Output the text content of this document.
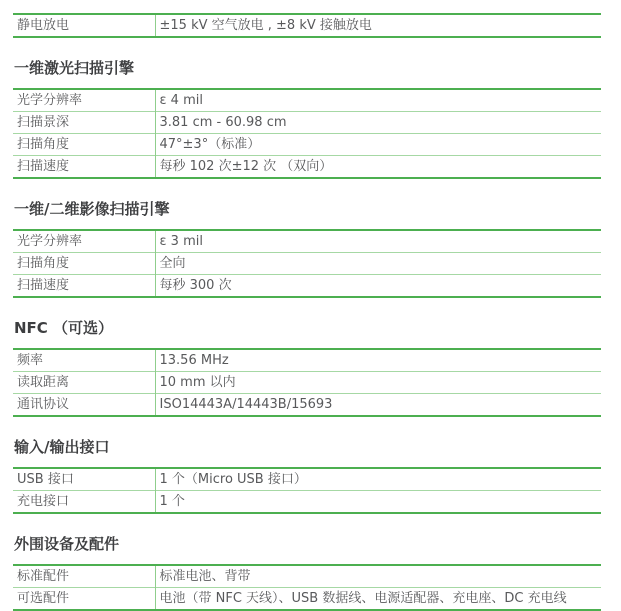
静电放电	±15 kV 空气放电 , ±8 kV 接触放电
一维激光扫描引擎
光学分辨率	ε 4 mil
扫描景深	3.81 cm - 60.98 cm
扫描角度	47°±3°（标准）
扫描速度	每秒 102 次±12 次 （双向）
一维/二维影像扫描引擎
光学分辨率	ε 3 mil
扫描角度	全向
扫描速度	每秒 300 次
NFC （可选）
频率	13.56 MHz
读取距离	10 mm 以内
通讯协议	ISO14443A/14443B/15693
输入/输出接口
USB 接口	1 个（Micro USB 接口）
充电接口	1 个
外围设备及配件
标准配件	标准电池、背带
可选配件	电池（带 NFC 天线）、USB 数据线、电源适配器、充电座、DC 充电线
